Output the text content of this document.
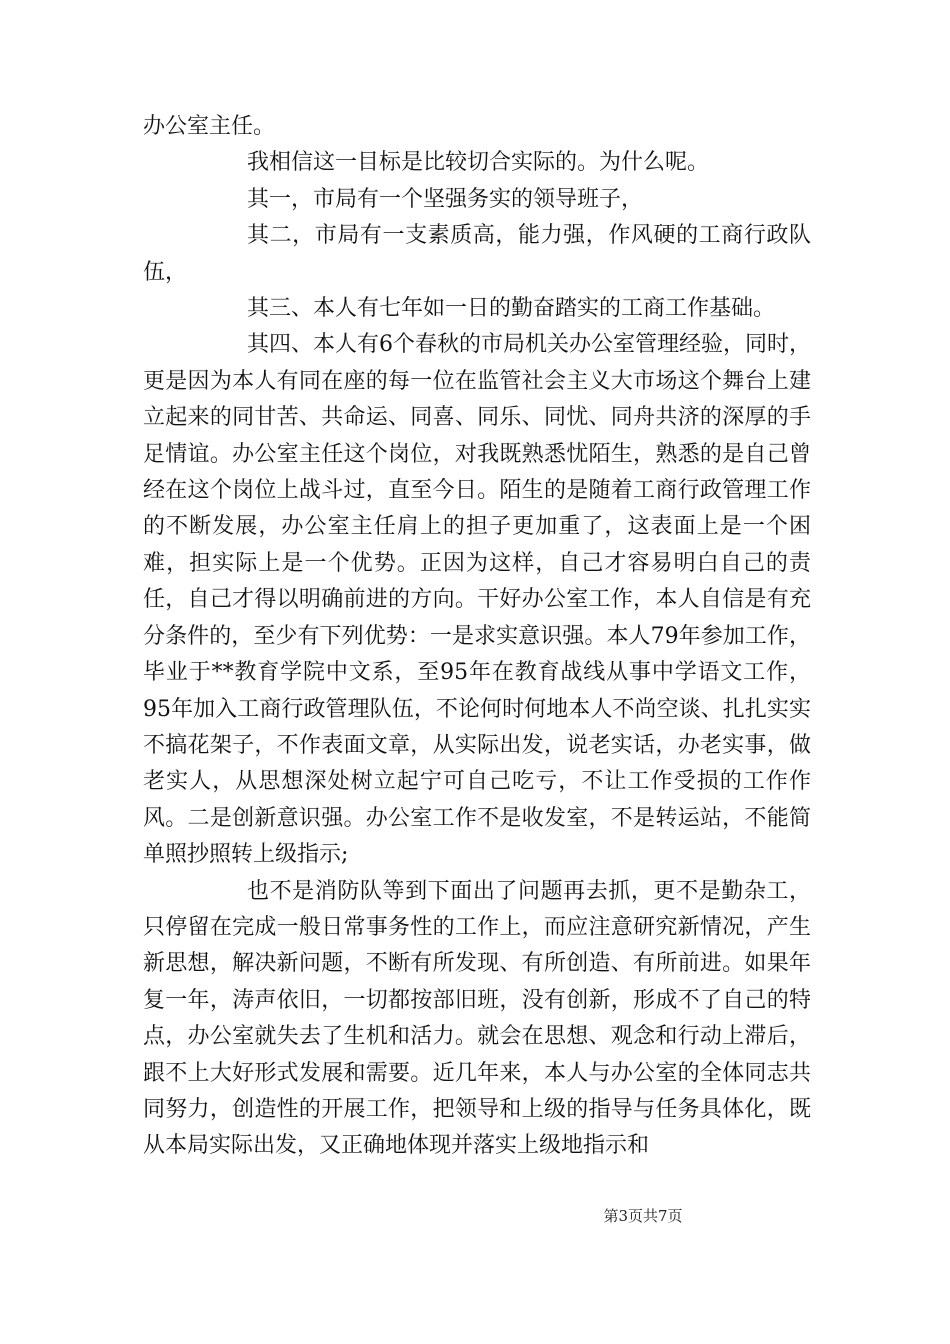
办公室主任。

我相信这一目标是比较切合实际的。为什么呢。

其一，市局有一个坚强务实的领导班子，

其二，市局有一支素质高，能力强，作风硬的工商行政队伍，

其三、本人有七年如一日的勤奋踏实的工商工作基础。

其四、本人有6个春秋的市局机关办公室管理经验，同时，更是因为本人有同在座的每一位在监管社会主义大市场这个舞台上建立起来的同甘苦、共命运、同喜、同乐、同忧、同舟共济的深厚的手足情谊。办公室主任这个岗位，对我既熟悉忧陌生，熟悉的是自己曾经在这个岗位上战斗过，直至今日。陌生的是随着工商行政管理工作的不断发展，办公室主任肩上的担子更加重了，这表面上是一个困难，担实际上是一个优势。正因为这样，自己才容易明白自己的责任，自己才得以明确前进的方向。干好办公室工作，本人自信是有充分条件的，至少有下列优势：一是求实意识强。本人79年参加工作，毕业于**教育学院中文系，至95年在教育战线从事中学语文工作，95年加入工商行政管理队伍，不论何时何地本人不尚空谈、扎扎实实不搞花架子，不作表面文章，从实际出发，说老实话，办老实事，做老实人，从思想深处树立起宁可自己吃亏，不让工作受损的工作作风。二是创新意识强。办公室工作不是收发室，不是转运站，不能简单照抄照转上级指示;

也不是消防队等到下面出了问题再去抓，更不是勤杂工，只停留在完成一般日常事务性的工作上，而应注意研究新情况，产生新思想，解决新问题，不断有所发现、有所创造、有所前进。如果年复一年，涛声依旧，一切都按部旧班，没有创新，形成不了自己的特点，办公室就失去了生机和活力。就会在思想、观念和行动上滞后，跟不上大好形式发展和需要。近几年来，本人与办公室的全体同志共同努力，创造性的开展工作，把领导和上级的指导与任务具体化，既从本局实际出发，又正确地体现并落实上级地指示和

第3页共7页
